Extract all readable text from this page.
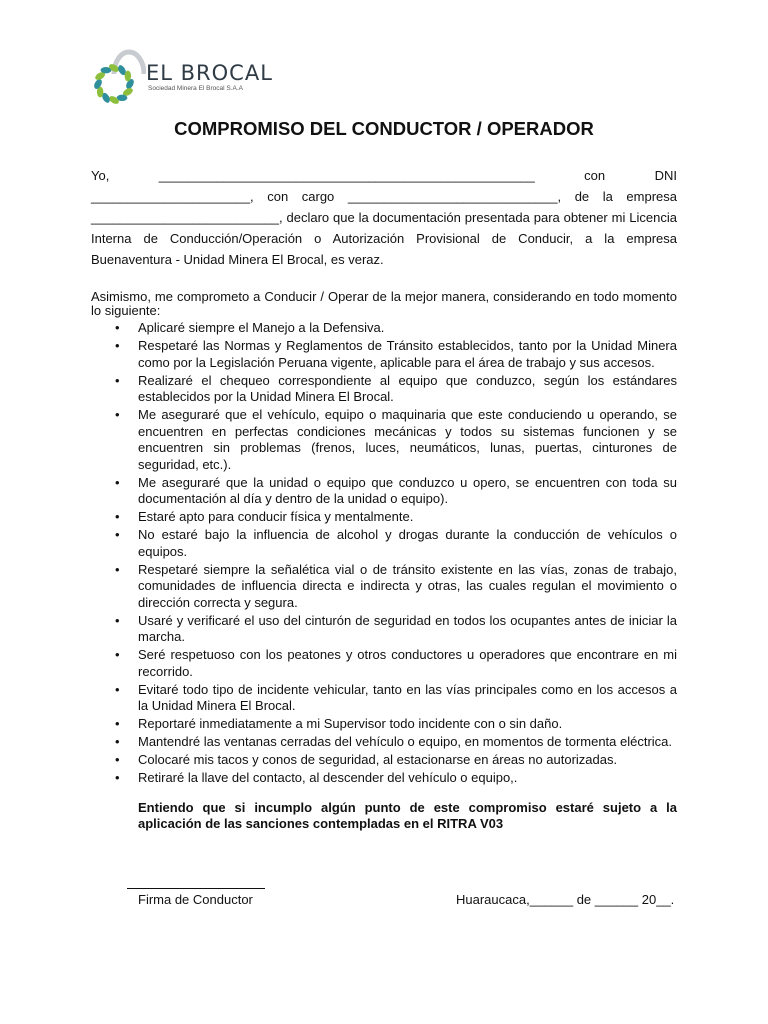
EL BROCAL
Sociedad Minera El Brocal S.A.A
COMPROMISO DEL CONDUCTOR / OPERADOR
Yo,	____________________________________________________	con	DNI
______________________, con cargo _____________________________, de la empresa
__________________________, declaro que la documentación presentada para obtener mi Licencia Interna de Conducción/Operación o Autorización Provisional de Conducir, a la empresa Buenaventura - Unidad Minera El Brocal, es veraz.

Asimismo, me comprometo a Conducir / Operar de la mejor manera, considerando en todo momento lo siguiente:

• Aplicaré siempre el Manejo a la Defensiva.
• Respetaré las Normas y Reglamentos de Tránsito establecidos, tanto por la Unidad Minera como por la Legislación Peruana vigente, aplicable para el área de trabajo y sus accesos.
• Realizaré el chequeo correspondiente al equipo que conduzco, según los estándares establecidos por la Unidad Minera El Brocal.
• Me aseguraré que el vehículo, equipo o maquinaria que este conduciendo u operando, se encuentren en perfectas condiciones mecánicas y todos su sistemas funcionen y se encuentren sin problemas (frenos, luces, neumáticos, lunas, puertas, cinturones de seguridad, etc.).
• Me aseguraré que la unidad o equipo que conduzco u opero, se encuentren con toda su documentación al día y dentro de la unidad o equipo).
• Estaré apto para conducir física y mentalmente.
• No estaré bajo la influencia de alcohol y drogas durante la conducción de vehículos o equipos.
• Respetaré siempre la señalética vial o de tránsito existente en las vías, zonas de trabajo, comunidades de influencia directa e indirecta y otras, las cuales regulan el movimiento o dirección correcta y segura.
• Usaré y verificaré el uso del cinturón de seguridad en todos los ocupantes antes de iniciar la marcha.
• Seré respetuoso con los peatones y otros conductores u operadores que encontrare en mi recorrido.
• Evitaré todo tipo de incidente vehicular, tanto en las vías principales como en los accesos a la Unidad Minera El Brocal.
• Reportaré inmediatamente a mi Supervisor todo incidente con o sin daño.
• Mantendré las ventanas cerradas del vehículo o equipo, en momentos de tormenta eléctrica.
• Colocaré mis tacos y conos de seguridad, al estacionarse en áreas no autorizadas.
• Retiraré la llave del contacto, al descender del vehículo o equipo,.

Entiendo que si incumplo algún punto de este compromiso estaré sujeto a la aplicación de las sanciones contempladas en el RITRA V03

Firma de Conductor	Huaraucaca,______ de ______ 20__.
